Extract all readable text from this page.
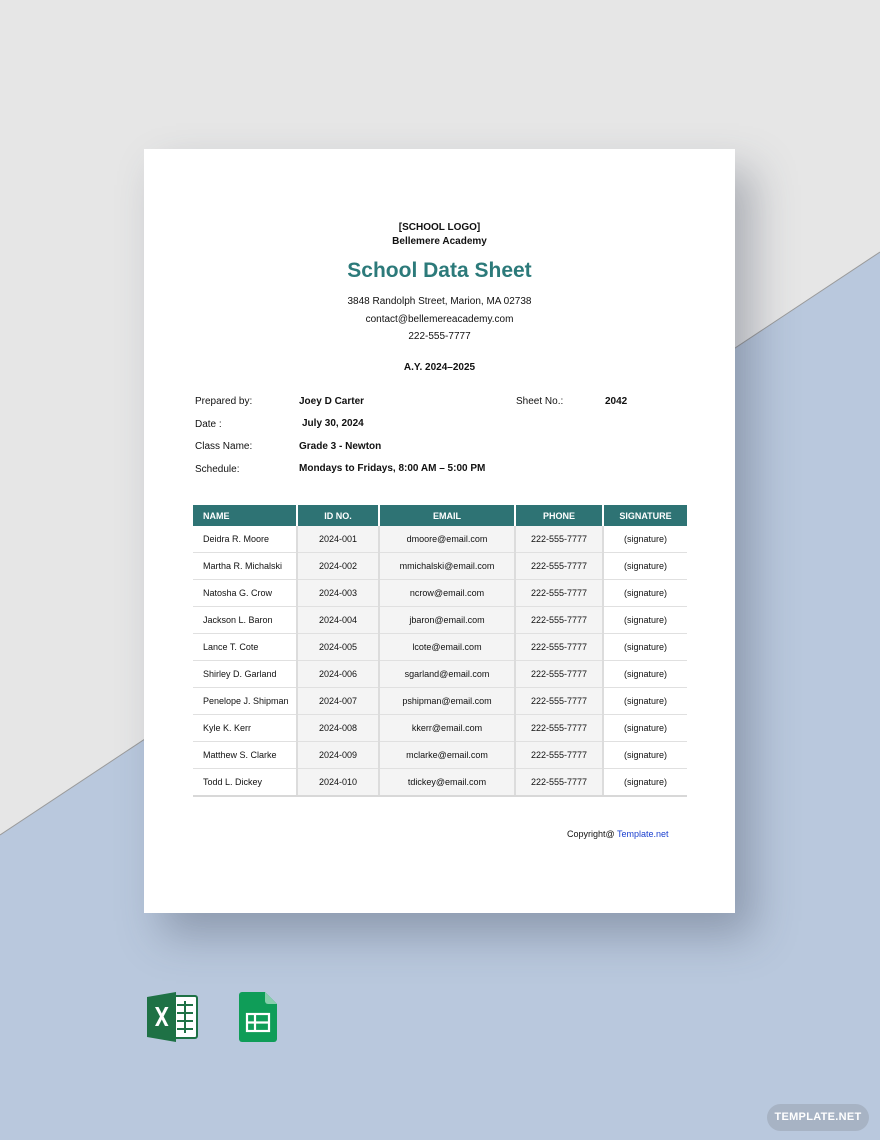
[SCHOOL LOGO]
Bellemere Academy
School Data Sheet
3848 Randolph Street, Marion, MA 02738
contact@bellemereacademy.com
222-555-7777
A.Y. 2024–2025
Prepared by:	Joey D Carter
Date :	July 30, 2024
Class Name:	Grade 3 - Newton
Schedule:	Mondays to Fridays, 8:00 AM – 5:00 PM
Sheet No.:	2042
NAME	ID NO.	EMAIL	PHONE	SIGNATURE
Deidra R. Moore	2024-001	dmoore@email.com	222-555-7777	(signature)
Martha R. Michalski	2024-002	mmichalski@email.com	222-555-7777	(signature)
Natosha G. Crow	2024-003	ncrow@email.com	222-555-7777	(signature)
Jackson L. Baron	2024-004	jbaron@email.com	222-555-7777	(signature)
Lance T. Cote	2024-005	lcote@email.com	222-555-7777	(signature)
Shirley D. Garland	2024-006	sgarland@email.com	222-555-7777	(signature)
Penelope J. Shipman	2024-007	pshipman@email.com	222-555-7777	(signature)
Kyle K. Kerr	2024-008	kkerr@email.com	222-555-7777	(signature)
Matthew S. Clarke	2024-009	mclarke@email.com	222-555-7777	(signature)
Todd L. Dickey	2024-010	tdickey@email.com	222-555-7777	(signature)
Copyright@ Template.net
TEMPLATE.NET
